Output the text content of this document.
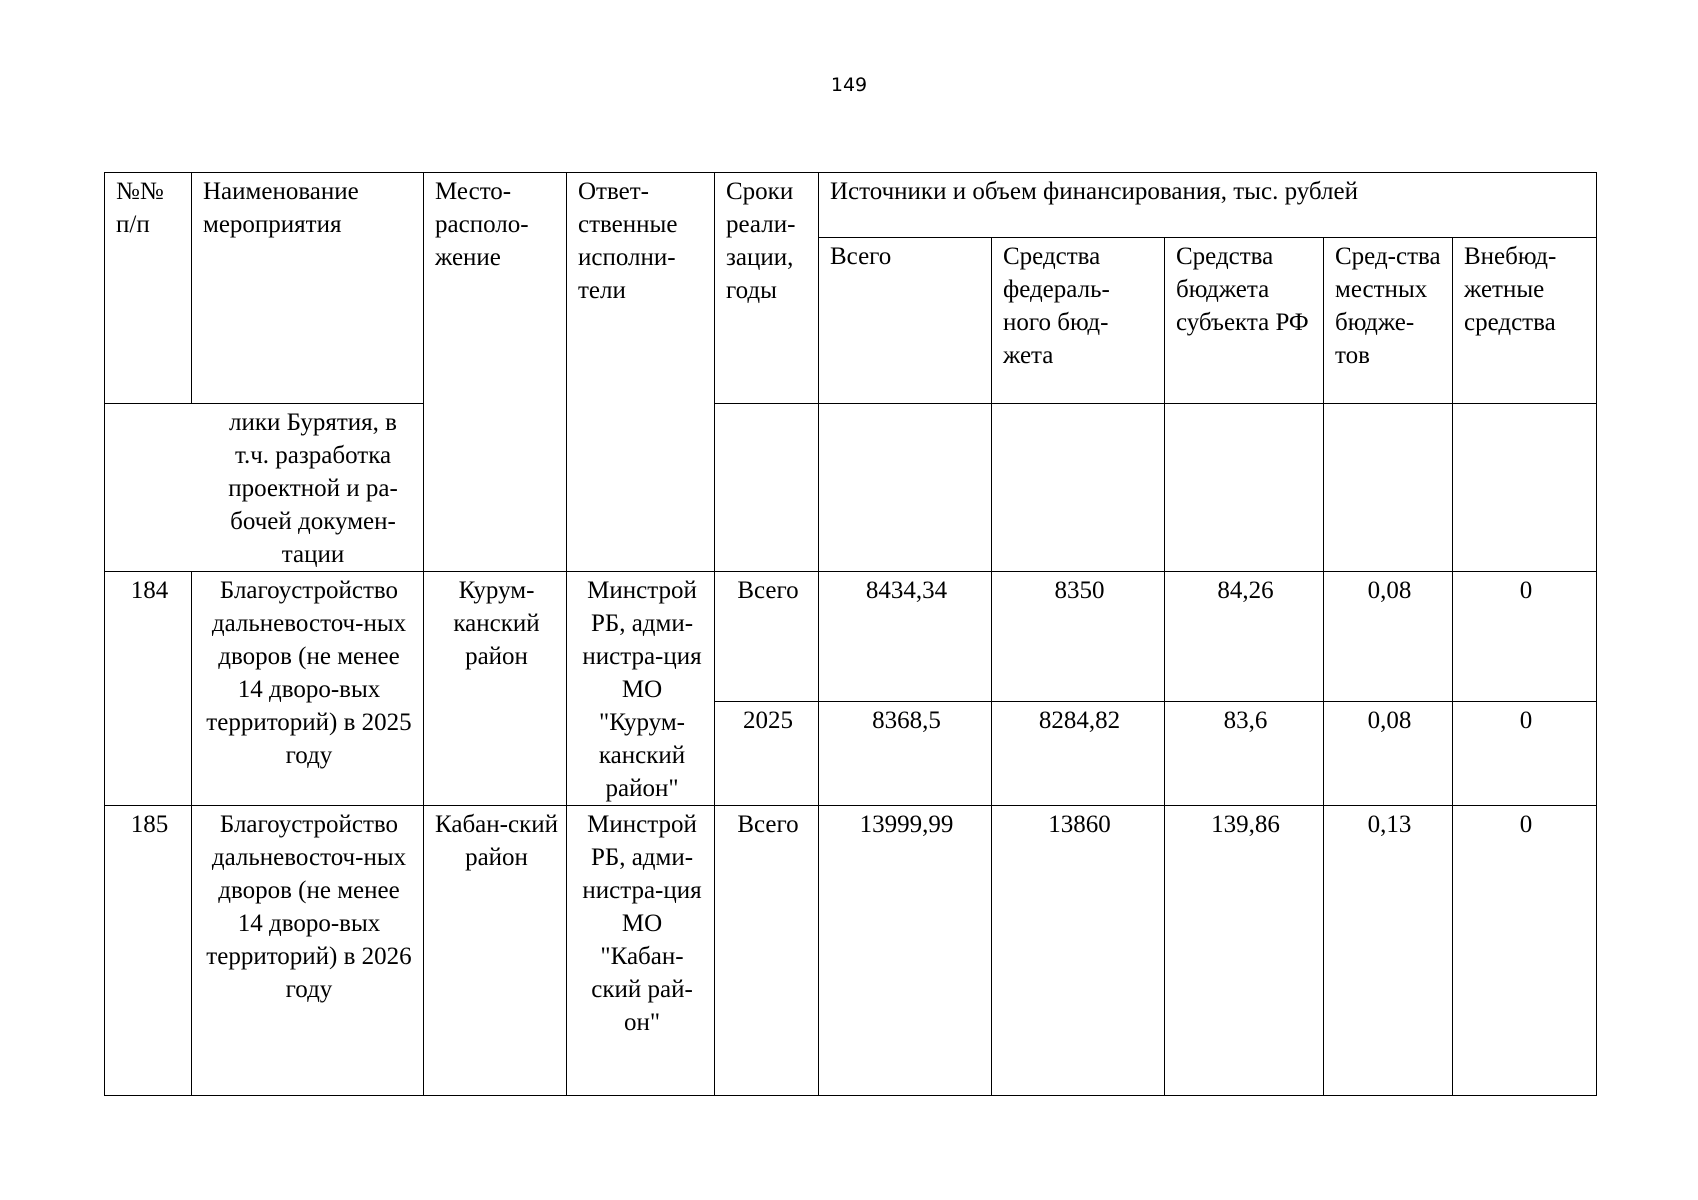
149
№№ п/п	Наименование мероприятия	Место-располо-жение	Ответ-ственные исполни-тели	Сроки реали-зации, годы	Источники и объем финансирования, тыс. рублей				
					Всего	Средства федераль-ного бюд-жета	Средства бюджета субъекта РФ	Сред-ства местных бюдже-тов	Внебюд-жетные средства

лики Бурятия, в т.ч. разработка проектной и ра-бочей докумен-тации									

184	Благоустройство дальневосточ-ных дворов (не менее 14 дворо-вых территорий) в 2025 году	Курум-канский район	Минстрой РБ, адми-нистра-ция МО "Курум-канский район"	Всего	8434,34	8350	84,26	0,08	0
				2025	8368,5	8284,82	83,6	0,08	0
185	Благоустройство дальневосточ-ных дворов (не менее 14 дворо-вых территорий) в 2026 году	Кабан-ский район	Минстрой РБ, адми-нистра-ция МО "Кабан-ский рай-он"	Всего	13999,99	13860	139,86	0,13	0
